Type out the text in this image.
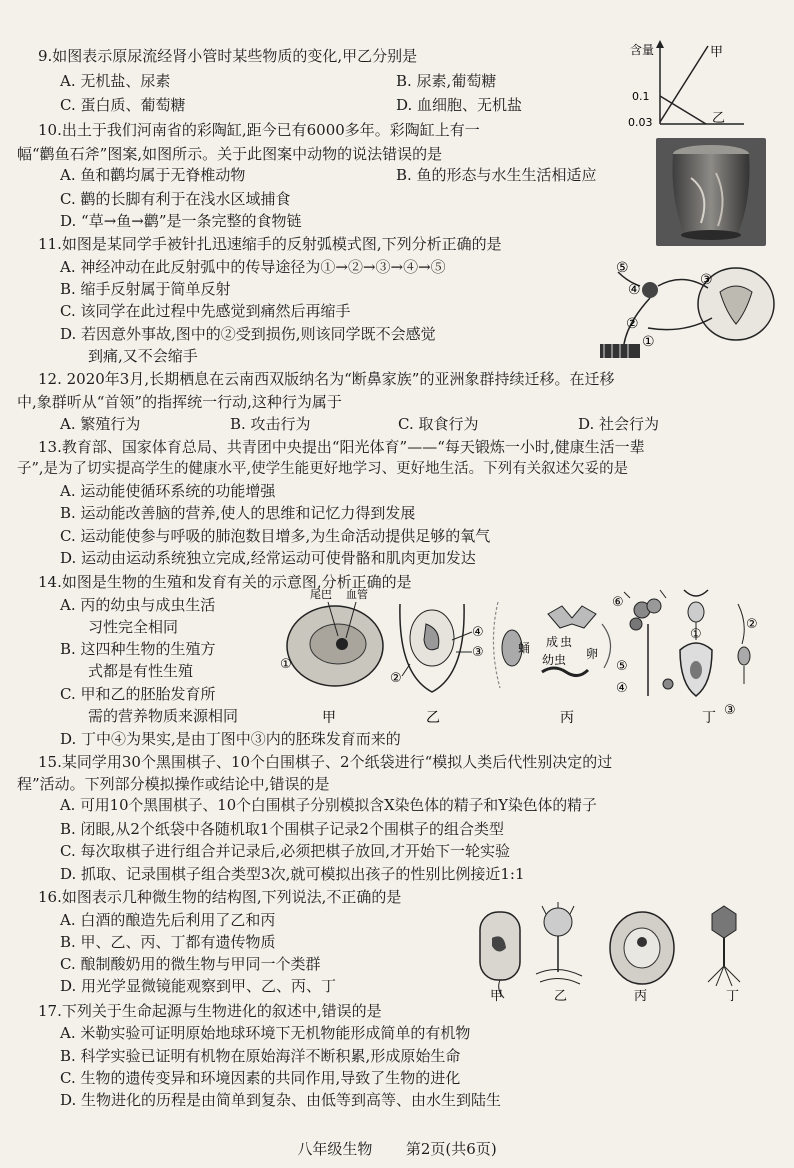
9.如图表示原尿流经肾小管时某些物质的变化,甲乙分别是
A. 无机盐、尿素	B. 尿素,葡萄糖
C. 蛋白质、葡萄糖	D. 血细胞、无机盐
含量
0.1
0.03
甲
乙
10.出土于我们河南省的彩陶缸,距今已有6000多年。彩陶缸上有一
幅“鹳鱼石斧”图案,如图所示。关于此图案中动物的说法错误的是
A. 鱼和鹳均属于无脊椎动物	B. 鱼的形态与水生生活相适应
C. 鹳的长脚有利于在浅水区域捕食
D. “草→鱼→鹳”是一条完整的食物链
11.如图是某同学手被针扎迅速缩手的反射弧模式图,下列分析正确的是
A. 神经冲动在此反射弧中的传导途径为①→②→③→④→⑤
B. 缩手反射属于简单反射
C. 该同学在此过程中先感觉到痛然后再缩手
D. 若因意外事故,图中的②受到损伤,则该同学既不会感觉
到痛,又不会缩手
⑤
④
③
②
①
12. 2020年3月,长期栖息在云南西双版纳名为“断鼻家族”的亚洲象群持续迁移。在迁移
中,象群听从“首领”的指挥统一行动,这种行为属于
A. 繁殖行为	B. 攻击行为	C. 取食行为	D. 社会行为
13.教育部、国家体育总局、共青团中央提出“阳光体育”——“每天锻炼一小时,健康生活一辈
子”,是为了切实提高学生的健康水平,使学生能更好地学习、更好地生活。下列有关叙述欠妥的是
A. 运动能使循环系统的功能增强
B. 运动能改善脑的营养,使人的思维和记忆力得到发展
C. 运动能使参与呼吸的肺泡数目增多,为生命活动提供足够的氧气
D. 运动由运动系统独立完成,经常运动可使骨骼和肌肉更加发达
14.如图是生物的生殖和发育有关的示意图,分析正确的是
A. 丙的幼虫与成虫生活
习性完全相同
B. 这四种生物的生殖方
式都是有性生殖
C. 甲和乙的胚胎发育所
需的营养物质来源相同
D. 丁中④为果实,是由丁图中③内的胚珠发育而来的
尾巴 血管
①
甲
④
③
②
乙
蛹 成 虫
幼虫 卵
丙
⑥
①
②
⑤
④
③
丁
15.某同学用30个黑围棋子、10个白围棋子、2个纸袋进行“模拟人类后代性别决定的过
程”活动。下列部分模拟操作或结论中,错误的是
A. 可用10个黑围棋子、10个白围棋子分别模拟含X染色体的精子和Y染色体的精子
B. 闭眼,从2个纸袋中各随机取1个围棋子记录2个围棋子的组合类型
C. 每次取棋子进行组合并记录后,必须把棋子放回,才开始下一轮实验
D. 抓取、记录围棋子组合类型3次,就可模拟出孩子的性别比例接近1:1
16.如图表示几种微生物的结构图,下列说法,不正确的是
A. 白酒的酿造先后利用了乙和丙
B. 甲、乙、丙、丁都有遗传物质
C. 酿制酸奶用的微生物与甲同一个类群
D. 用光学显微镜能观察到甲、乙、丙、丁
甲	乙	丙	丁
17.下列关于生命起源与生物进化的叙述中,错误的是
A. 米勒实验可证明原始地球环境下无机物能形成简单的有机物
B. 科学实验已证明有机物在原始海洋不断积累,形成原始生命
C. 生物的遗传变异和环境因素的共同作用,导致了生物的进化
D. 生物进化的历程是由简单到复杂、由低等到高等、由水生到陆生
八年级生物 第2页(共6页)
